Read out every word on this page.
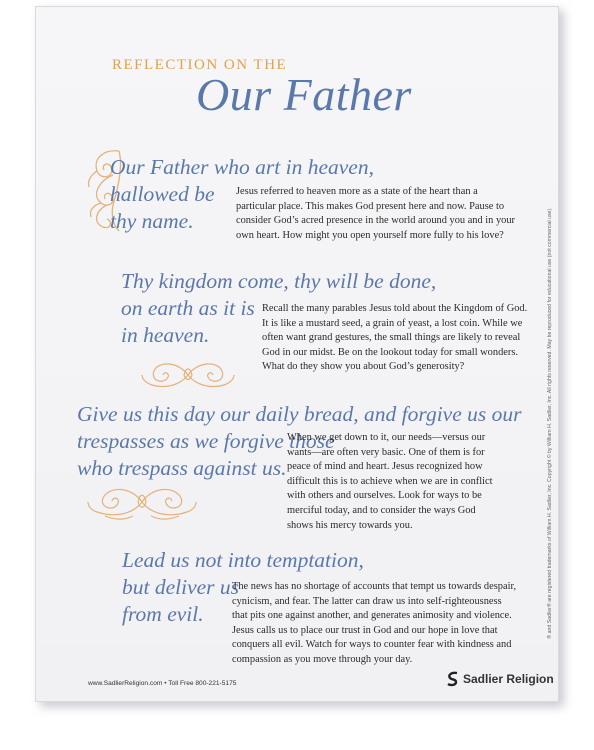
REFLECTION ON THE
Our Father
Our Father who art in heaven,
hallowed be
thy name.
Jesus referred to heaven more as a state of the heart than a
particular place. This makes God present here and now. Pause to
consider God’s acred presence in the world around you and in your
own heart. How might you open yourself more fully to his love?
Thy kingdom come, thy will be done,
on earth as it is
in heaven.
Recall the many parables Jesus told about the Kingdom of God.
It is like a mustard seed, a grain of yeast, a lost coin. While we
often want grand gestures, the small things are likely to reveal
God in our midst. Be on the lookout today for small wonders.
What do they show you about God’s generosity?
Give us this day our daily bread, and forgive us our
trespasses as we forgive those
who trespass against us.
When we get down to it, our needs—versus our
wants—are often very basic. One of them is for
peace of mind and heart. Jesus recognized how
difficult this is to achieve when we are in conflict
with others and ourselves. Look for ways to be
merciful today, and to consider the ways God
shows his mercy towards you.
Lead us not into temptation,
but deliver us
from evil.
The news has no shortage of accounts that tempt us towards despair,
cynicism, and fear. The latter can draw us into self-righteousness
that pits one against another, and generates animosity and violence.
Jesus calls us to place our trust in God and our hope in love that
conquers all evil. Watch for ways to counter fear with kindness and
compassion as you move through your day.
www.SadlierReligion.com • Toll Free 800-221-5175	Sadlier Religion
® and Sadlier® are registered trademarks of William H. Sadlier, Inc. Copyright © by William H. Sadlier, Inc. All rights reserved. May be reproduced for educational use (not commercial use).
